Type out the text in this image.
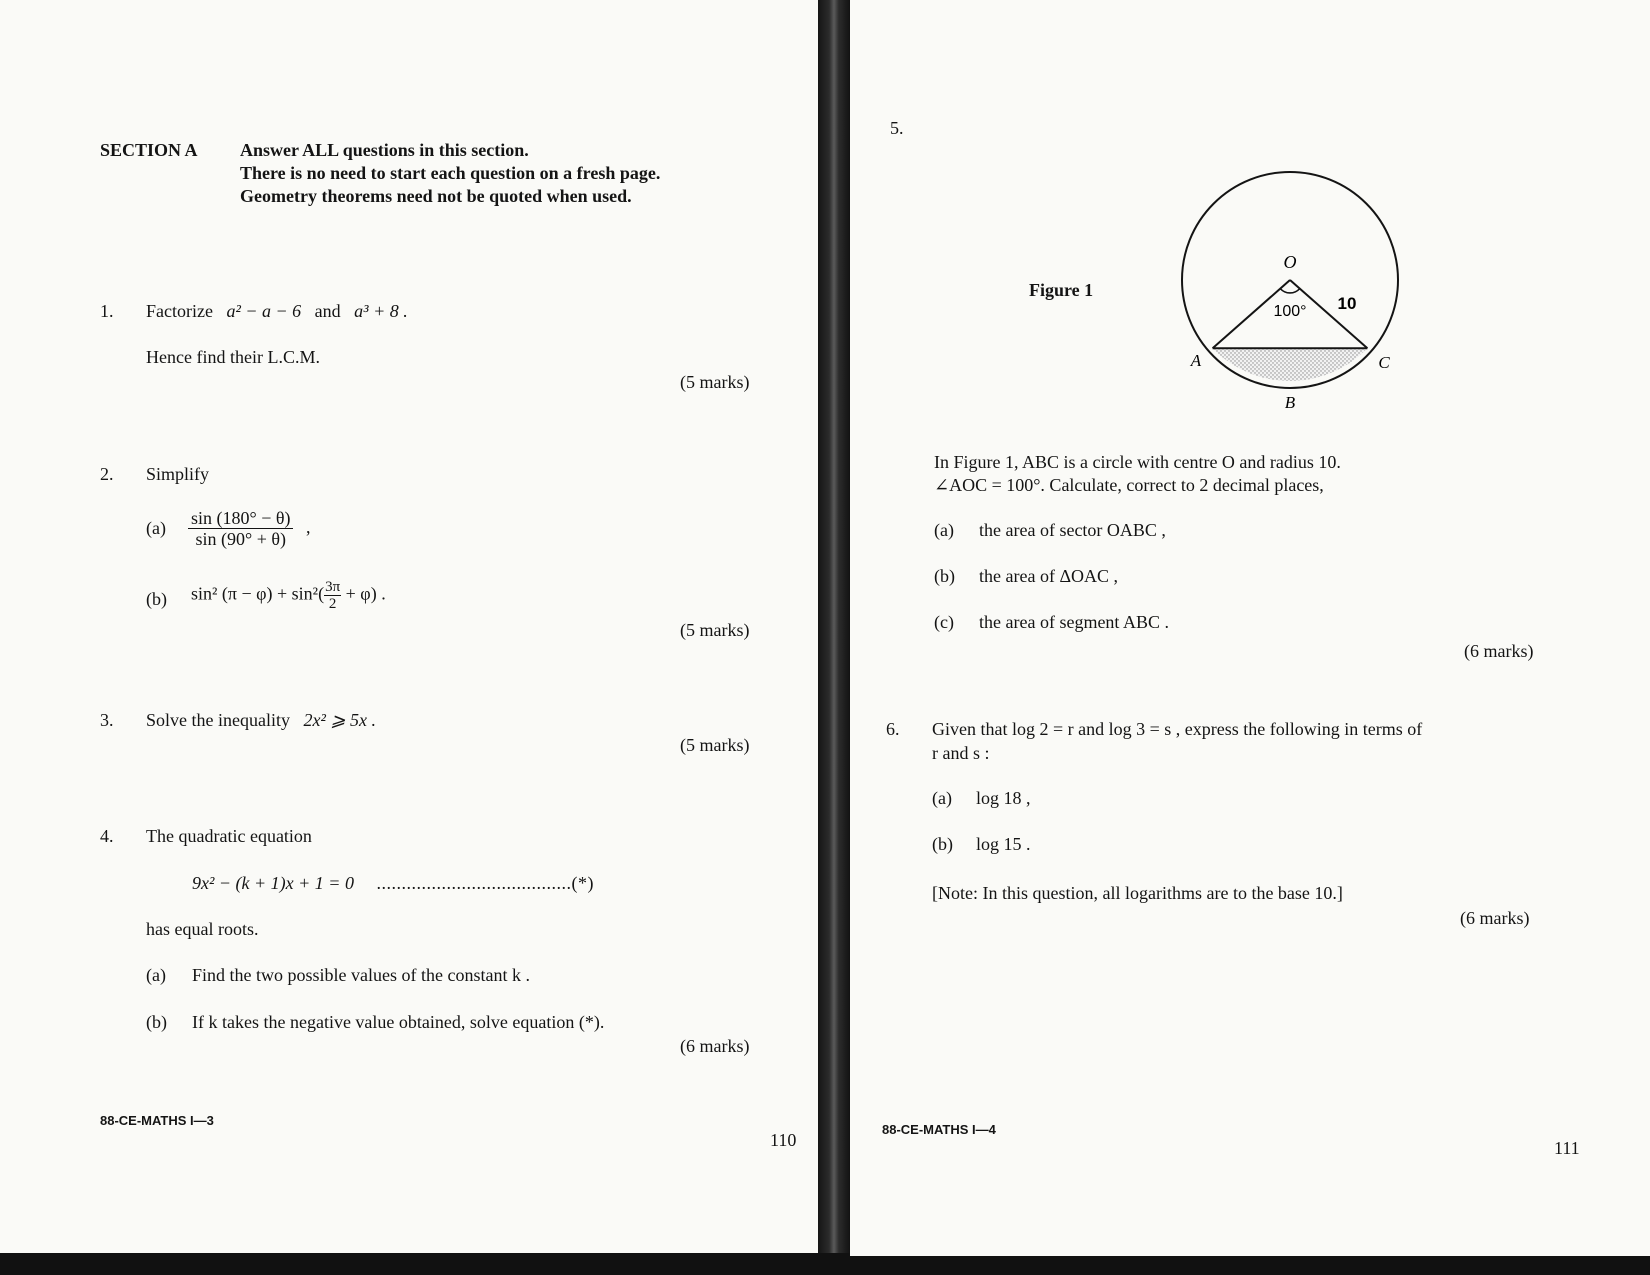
SECTION A Answer ALL questions in this section.
There is no need to start each question on a fresh page.
Geometry theorems need not be quoted when used.
1. Factorize a² − a − 6 and a³ + 8 .
Hence find their L.C.M.
(5 marks)
2. Simplify
$(a) \frac{\sin (180^\circ - \theta)}{\sin (90^\circ + \theta)}$ ,
(b) sin² $(\pi - \varphi) + \sin^2( \frac{3\pi}{2} + \varphi)$ .
(5 marks)
3. Solve the inequality 2x² ⩾ 5x .
(5 marks)
4. The quadratic equation
9x² − (k + 1)x + 1 = 0 .......................................(*)
has equal roots.
(a) Find the two possible values of the constant k .
(b) If k takes the negative value obtained, solve equation (*).
(6 marks)
88-CE-MATHS I—3
110
5.
Figure 1
O
100° 10
A	C
B
In Figure 1, ABC is a circle with centre O and radius 10.
∠AOC = 100°. Calculate, correct to 2 decimal places,
(a) the area of sector OABC ,
(b) the area of ΔOAC ,
(c) the area of segment ABC .
(6 marks)
6. Given that log 2 = r and log 3 = s , express the following in terms of
r and s :
(a) log 18 ,
(b) log 15 .
[Note: In this question, all logarithms are to the base 10.]
(6 marks)
88-CE-MATHS I—4
111
